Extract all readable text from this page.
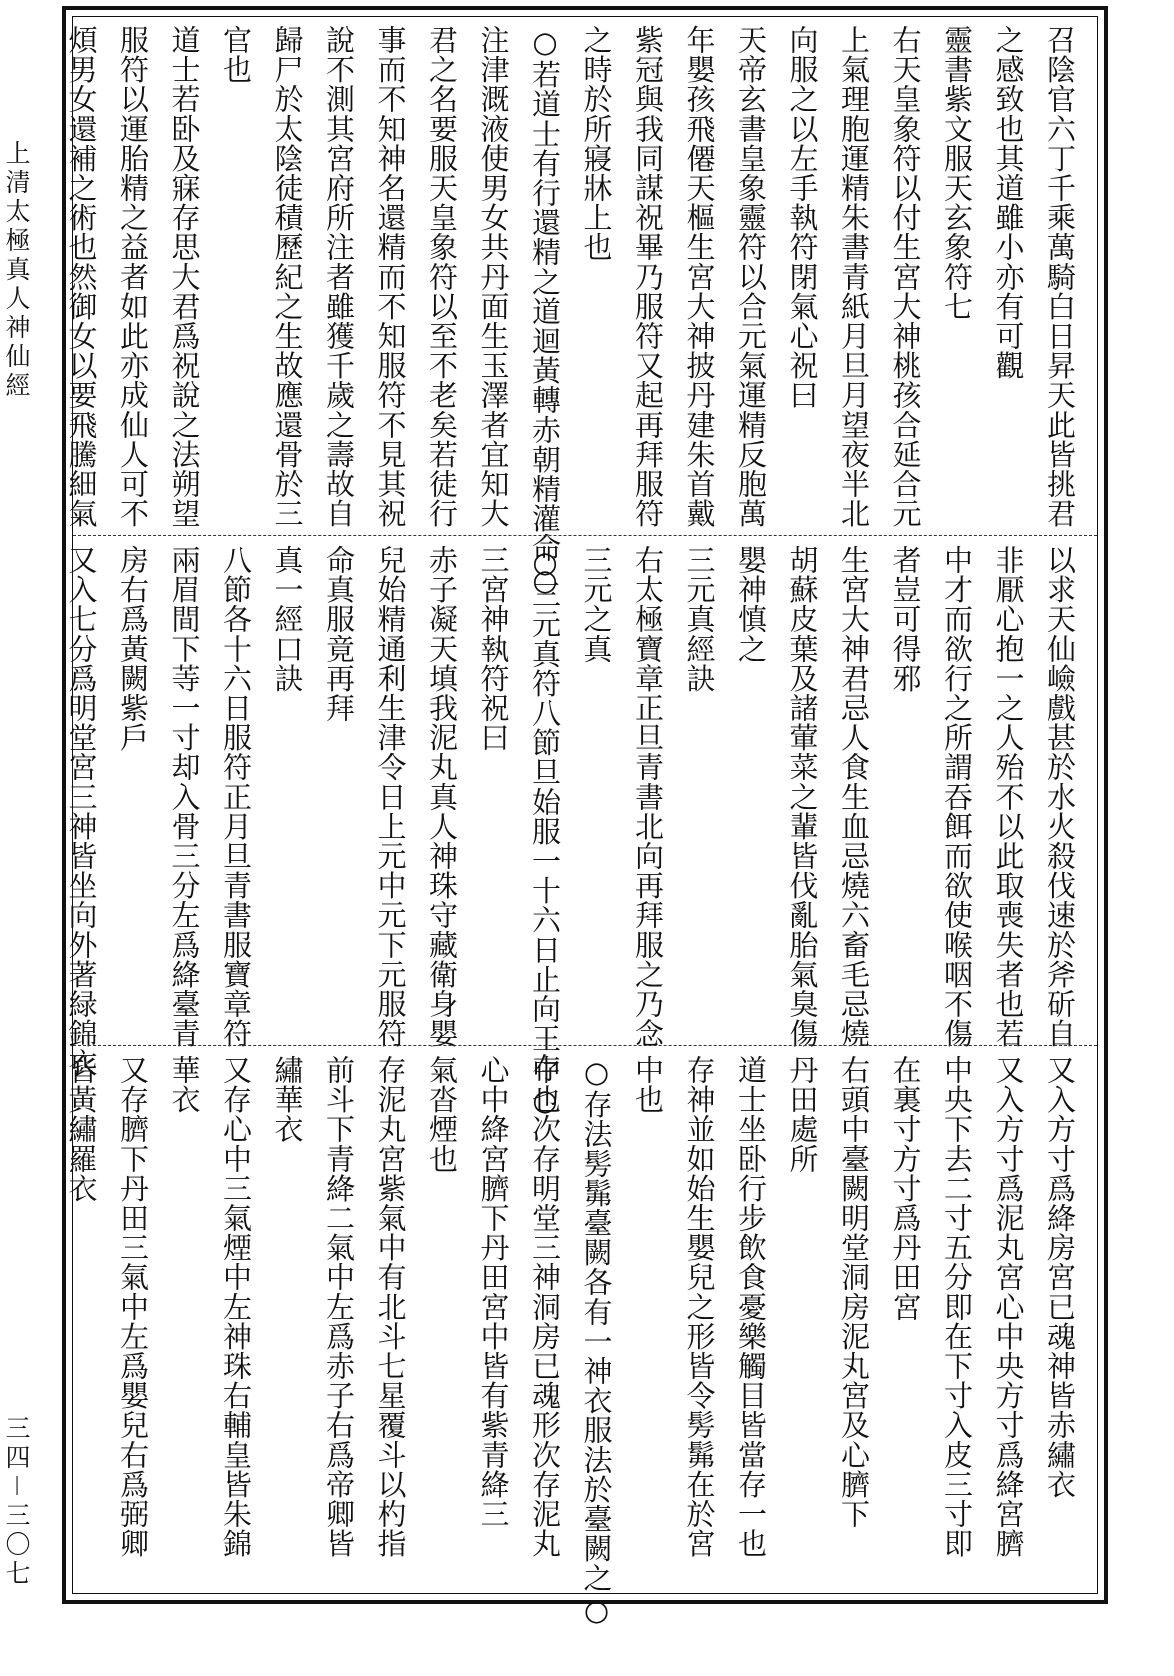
上清太極真人神仙經
三四－三〇七
召陰官六丁千乘萬騎白日昇天此皆挑君
之感致也其道雖小亦有可觀
靈書紫文服天玄象符七
右天皇象符以付生宮大神桃孩合延合元
上氣理胞運精朱書青紙月旦月望夜半北
向服之以左手執符閉氣心祝曰
天帝玄書皇象靈符以合元氣運精反胞萬
年嬰孩飛僊天樞生宮大神披丹建朱首戴
紫冠與我同謀祝畢乃服符又起再拜服符
之時於所寢牀上也
○若道士有行還精之道迴黃轉赤朝精灌命○
注津溉液使男女共丹面生玉澤者宜知大
君之名要服天皇象符以至不老矣若徒行
事而不知神名還精而不知服符不見其祝
說不測其宮府所注者雖獲千歲之壽故自
歸尸於太陰徒積歷紀之生故應還骨於三
官也
道士若卧及寐存思大君爲祝說之法朔望
服符以運胎精之益者如此亦成仙人可不
煩男女還補之術也然御女以要飛騰細氣
以求天仙嶮戲甚於水火殺伐速於斧斫自
非厭心抱一之人殆不以此取喪失者也若
中才而欲行之所謂吞餌而欲使喉咽不傷
者豈可得邪
生宮大神君忌人食生血忌燒六畜毛忌燒
胡蘇皮葉及諸葷菜之輩皆伐亂胎氣臭傷
嬰神慎之
三元真經訣
右太極寶章正旦青書北向再拜服之乃念
三元之真
○三元真符八節旦始服一十六日止向王存○
三宮神執符祝曰
赤子凝天填我泥丸真人神珠守藏衛身嬰
兒始精通利生津令日上元中元下元服符
命真服竟再拜
真一經口訣
八節各十六日服符正月旦青書服寶章符
兩眉間下䓁一寸却入骨三分左爲絳臺青
房右爲黃闕紫戶
又入七分爲明堂宮三神皆坐向外著緑錦衣
又入方寸爲絳房宮已魂神皆赤繡衣
又入方寸爲泥丸宮心中央方寸爲絳宮臍
中央下去二寸五分即在下寸入皮三寸即
在裏寸方寸爲丹田宮
右頭中臺闕明堂洞房泥丸宮及心臍下
丹田處所
道士坐卧行步飲食憂樂觸目皆當存一也
存神並如始生嬰兒之形皆令髣髴在於宮
中也
○存法髣髴臺闕各有一神衣服法於臺闕之○
中也次存明堂三神洞房已魂形次存泥丸
心中絳宮臍下丹田宮中皆有紫青絳三
氣沓煙也
存泥丸宮紫氣中有北斗七星覆斗以杓指
前斗下青絳二氣中左爲赤子右爲帝卿皆
繡華衣
又存心中三氣煙中左神珠右輔皇皆朱錦
華衣
又存臍下丹田三氣中左爲嬰兒右爲弼卿
皆黃繡羅衣
